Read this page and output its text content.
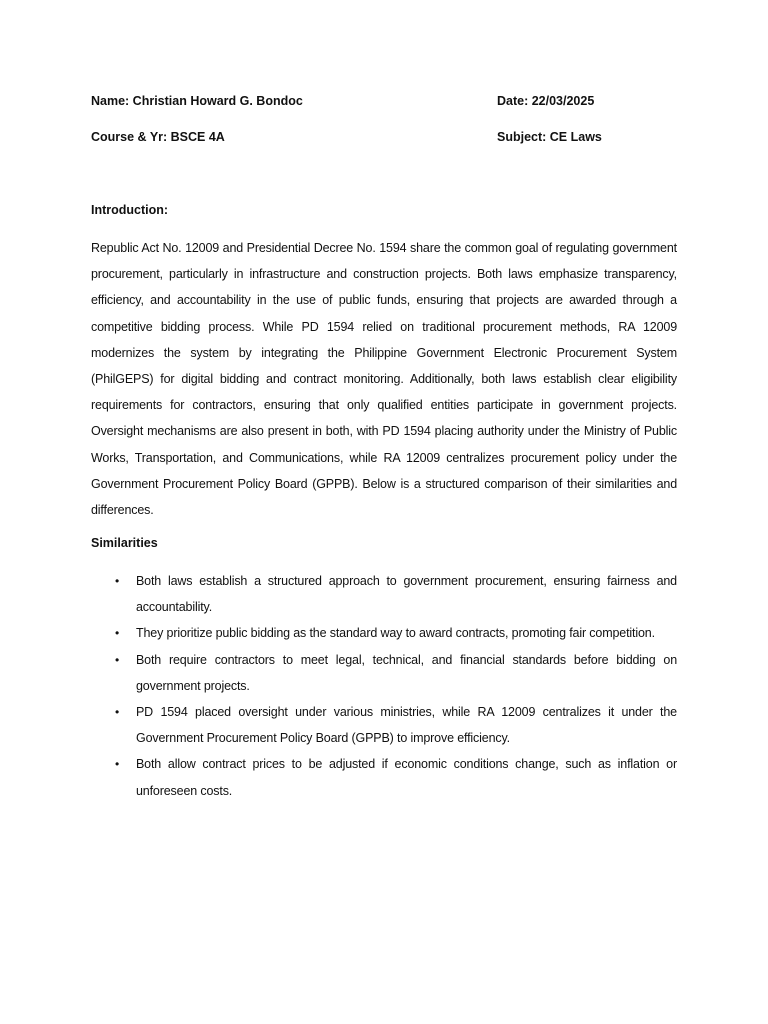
Name: Christian Howard G. Bondoc	Date: 22/03/2025
Course & Yr: BSCE 4A	Subject: CE Laws
Introduction:
Republic Act No. 12009 and Presidential Decree No. 1594 share the common goal of regulating government procurement, particularly in infrastructure and construction projects. Both laws emphasize transparency, efficiency, and accountability in the use of public funds, ensuring that projects are awarded through a competitive bidding process. While PD 1594 relied on traditional procurement methods, RA 12009 modernizes the system by integrating the Philippine Government Electronic Procurement System (PhilGEPS) for digital bidding and contract monitoring. Additionally, both laws establish clear eligibility requirements for contractors, ensuring that only qualified entities participate in government projects. Oversight mechanisms are also present in both, with PD 1594 placing authority under the Ministry of Public Works, Transportation, and Communications, while RA 12009 centralizes procurement policy under the Government Procurement Policy Board (GPPB). Below is a structured comparison of their similarities and differences.
Similarities
• Both laws establish a structured approach to government procurement, ensuring fairness and accountability.
• They prioritize public bidding as the standard way to award contracts, promoting fair competition.
• Both require contractors to meet legal, technical, and financial standards before bidding on government projects.
• PD 1594 placed oversight under various ministries, while RA 12009 centralizes it under the Government Procurement Policy Board (GPPB) to improve efficiency.
• Both allow contract prices to be adjusted if economic conditions change, such as inflation or unforeseen costs.
